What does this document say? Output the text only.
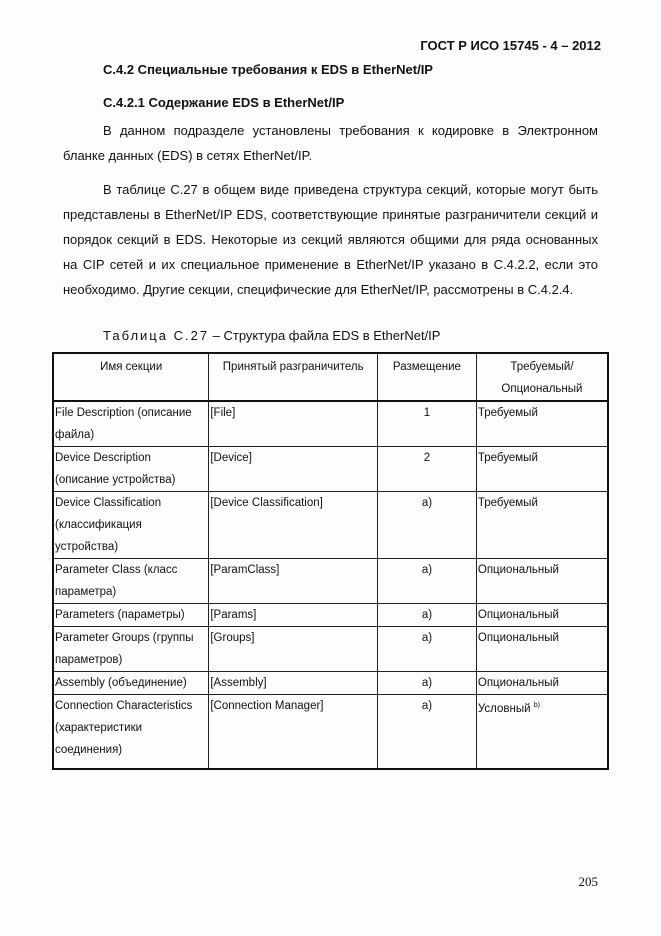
ГОСТ Р ИСО 15745 - 4 – 2012
C.4.2 Специальные требования к EDS в EtherNet/IP
C.4.2.1 Содержание EDS в EtherNet/IP

В данном подразделе установлены требования к кодировке в Электронном бланке данных (EDS) в сетях EtherNet/IP.

В таблице C.27 в общем виде приведена структура секций, которые могут быть представлены в EtherNet/IP EDS, соответствующие принятые разграничители секций и порядок секций в EDS. Некоторые из секций являются общими для ряда основанных на CIP сетей и их специальное применение в EtherNet/IP указано в C.4.2.2, если это необходимо. Другие секции, специфические для EtherNet/IP, рассмотрены в C.4.2.4.

Таблица C.27 – Структура файла EDS в EtherNet/IP
Имя секции	Принятый разграничитель	Размещение	Требуемый/ Опциональный
File Description (описание файла)	[File]	1	Требуемый
Device Description (описание устройства)	[Device]	2	Требуемый
Device Classification (классификация устройства)	[Device Classification]	a)	Требуемый
Parameter Class (класс параметра)	[ParamClass]	a)	Опциональный
Parameters (параметры)	[Params]	a)	Опциональный
Parameter Groups (группы параметров)	[Groups]	a)	Опциональный
Assembly (объединение)	[Assembly]	a)	Опциональный
Connection Characteristics (характеристики соединения)	[Connection Manager]	a)	Условный $^{b)}$
205
